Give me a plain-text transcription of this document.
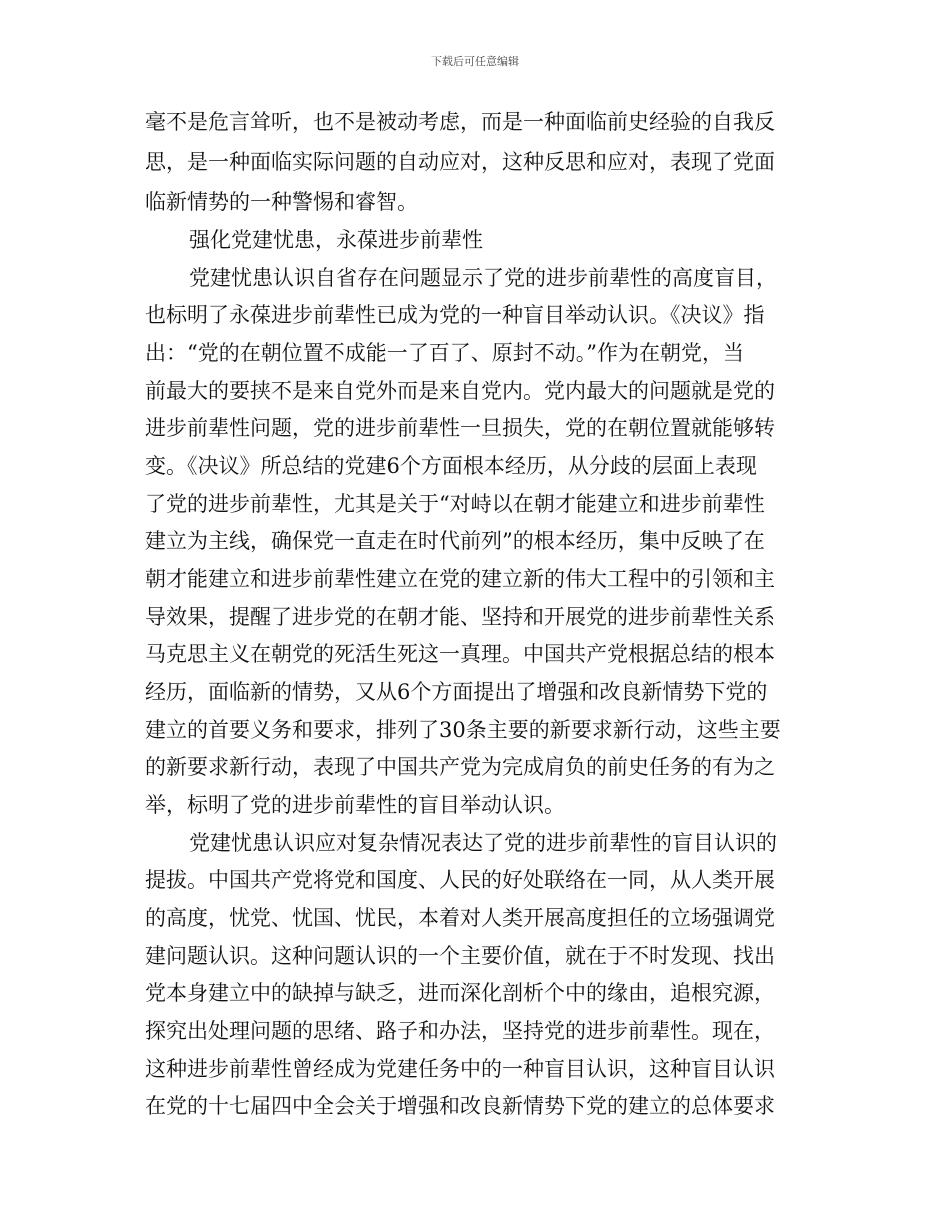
下载后可任意编辑

毫不是危言耸听，也不是被动考虑，而是一种面临前史经验的自我反

思，是一种面临实际问题的自动应对，这种反思和应对，表现了党面

临新情势的一种警惕和睿智。

强化党建忧患，永葆进步前辈性

党建忧患认识自省存在问题显示了党的进步前辈性的高度盲目，

也标明了永葆进步前辈性已成为党的一种盲目举动认识。《决议》指

出：“党的在朝位置不成能一了百了、原封不动。”作为在朝党，当

前最大的要挟不是来自党外而是来自党内。党内最大的问题就是党的

进步前辈性问题，党的进步前辈性一旦损失，党的在朝位置就能够转

变。《决议》所总结的党建6个方面根本经历，从分歧的层面上表现

了党的进步前辈性，尤其是关于“对峙以在朝才能建立和进步前辈性

建立为主线，确保党一直走在时代前列”的根本经历，集中反映了在

朝才能建立和进步前辈性建立在党的建立新的伟大工程中的引领和主

导效果，提醒了进步党的在朝才能、坚持和开展党的进步前辈性关系

马克思主义在朝党的死活生死这一真理。中国共产党根据总结的根本

经历，面临新的情势，又从6个方面提出了增强和改良新情势下党的

建立的首要义务和要求，排列了30条主要的新要求新行动，这些主要

的新要求新行动，表现了中国共产党为完成肩负的前史任务的有为之

举，标明了党的进步前辈性的盲目举动认识。

党建忧患认识应对复杂情况表达了党的进步前辈性的盲目认识的

提拔。中国共产党将党和国度、人民的好处联络在一同，从人类开展

的高度，忧党、忧国、忧民，本着对人类开展高度担任的立场强调党

建问题认识。这种问题认识的一个主要价值，就在于不时发现、找出

党本身建立中的缺掉与缺乏，进而深化剖析个中的缘由，追根究源，

探究出处理问题的思绪、路子和办法，坚持党的进步前辈性。现在，

这种进步前辈性曾经成为党建任务中的一种盲目认识，这种盲目认识

在党的十七届四中全会关于增强和改良新情势下党的建立的总体要求
